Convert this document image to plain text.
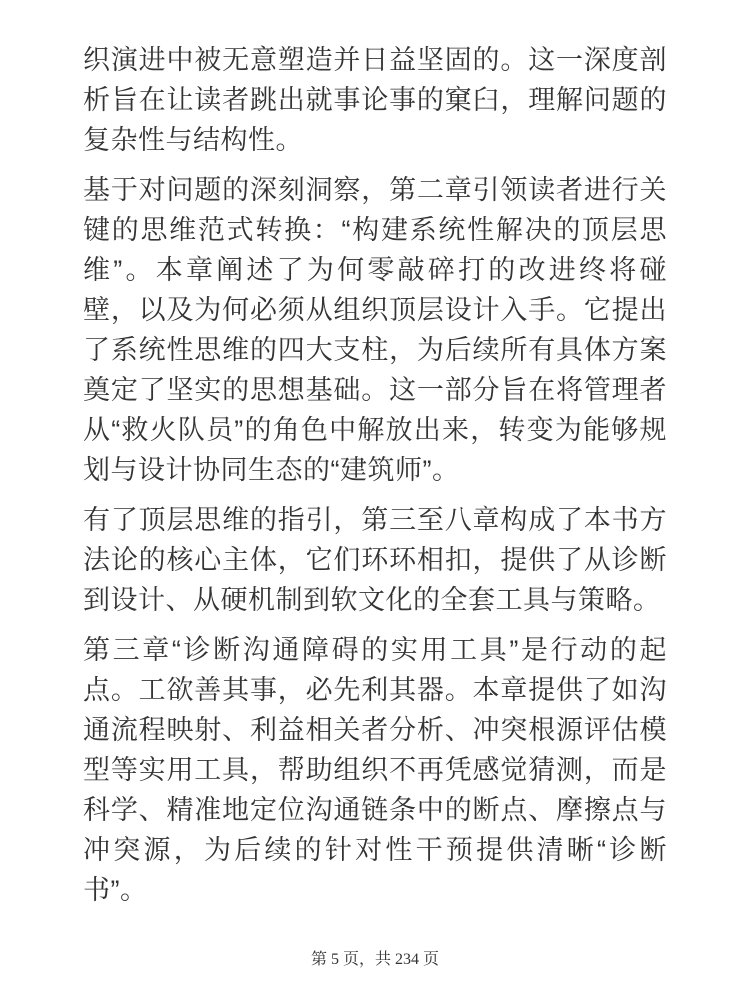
织演进中被无意塑造并日益坚固的。这一深度剖析旨在让读者跳出就事论事的窠臼，理解问题的复杂性与结构性。

基于对问题的深刻洞察，第二章引领读者进行关键的思维范式转换：“构建系统性解决的顶层思维”。本章阐述了为何零敲碎打的改进终将碰壁，以及为何必须从组织顶层设计入手。它提出了系统性思维的四大支柱，为后续所有具体方案奠定了坚实的思想基础。这一部分旨在将管理者从“救火队员”的角色中解放出来，转变为能够规划与设计协同生态的“建筑师”。

有了顶层思维的指引，第三至八章构成了本书方法论的核心主体，它们环环相扣，提供了从诊断到设计、从硬机制到软文化的全套工具与策略。

第三章“诊断沟通障碍的实用工具”是行动的起点。工欲善其事，必先利其器。本章提供了如沟通流程映射、利益相关者分析、冲突根源评估模型等实用工具，帮助组织不再凭感觉猜测，而是科学、精准地定位沟通链条中的断点、摩擦点与冲突源，为后续的针对性干预提供清晰“诊断书”。

第 5 页，共 234 页
